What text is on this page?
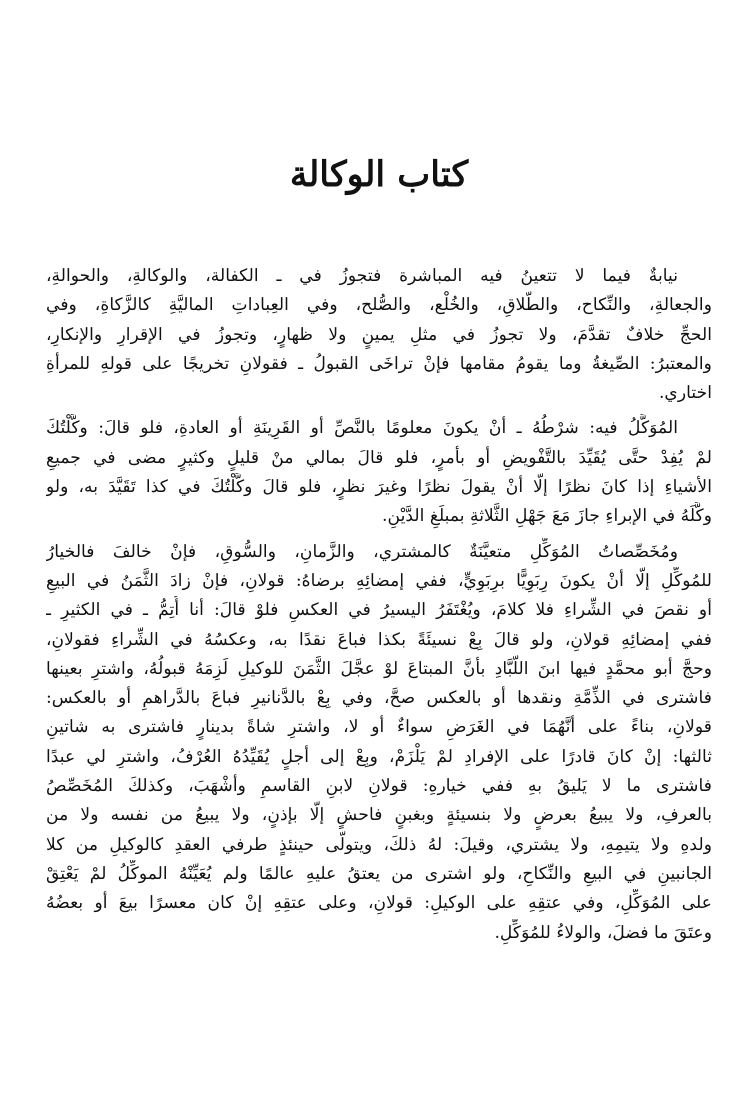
كتاب الوكالة

نيابةٌ فيما لا تتعينُ فيه المباشرة فتجوزُ في ـ الكفالة، والوكالةِ، والحوالةِ،
والجعالةِ، والنِّكاح، والطَّلاقِ، والخُلْع، والصُّلح، وفي العِباداتِ الماليَّةِ كالزَّكاةِ، وفي
الحجِّ خلافٌ تقدَّمَ، ولا تجوزُ في مثلِ يمينٍ ولا ظهارٍ، وتجوزُ في الإقرارِ والإنكارِ،
والمعتبرُ: الصِّيغةُ وما يقومُ مقامها فإنْ تراخَى القبولُ ـ فقولانِ تخريجًا على قولهِ للمرأةِ
اختاري.

المُوَكَّلُ فيه: شرْطُهُ ـ أنْ يكونَ معلومًا بالنَّصِّ أو القَرِينَةِ أو العادةِ، فلو قالَ: وكَّلْتُكَ
لمْ يُفِدْ حتَّى يُقَيِّدَ بالتَّفْويضِ أو بأمرٍ، فلو قالَ بمالي منْ قليلٍ وكثيرٍ مضى في جميعِ
الأشياءِ إذا كانَ نظرًا إلَّا أنْ يقولَ نظرًا وغيرَ نظرٍ، فلو قالَ وكَّلْتُكَ في كذا تَقَيَّدَ به، ولو
وكَّلَهُ في الإبراءِ جازَ مَعَ جَهْلِ الثَّلاثةِ بمبلَغِ الدَّيْنِ.

ومُخَصِّصاتُ المُوَكِّلِ متعيَّنَةٌ كالمشتري، والزَّمانِ، والسُّوقِ، فإنْ خالفَ فالخيارُ
للمُوكِّلِ إلَّا أنْ يكونَ رِبَوِيًّا برِبَوِيٍّ، ففي إمضائِهِ برضاهُ: قولانِ، فإنْ زادَ الثَّمَنُ في البيعِ
أو نقصَ في الشِّراءِ فلا كلامَ، ويُغْتَفَرُ اليسيرُ في العكسِ فلوْ قالَ: أنا أُتِمُّ ـ في الكثيرِ ـ
ففي إمضائِهِ قولانِ، ولو قالَ بِعْ نسيئَةً بكذا فباعَ نقدًا به، وعكسُهُ في الشِّراءِ فقولانِ،
وحجَّ أبو محمَّدٍ فيها ابنَ اللَّبَّادِ بأنَّ المبتاعَ لوْ عجَّلَ الثَّمَنَ للوكيلِ لَزِمَهُ قبولُهُ، واشترِ بعينها
فاشترى في الذِّمَّةِ ونقدها أو بالعكس صحَّ، وفي بِعْ بالدَّنانيرِ فباعَ بالدَّراهمِ أو بالعكس:
قولانِ، بناءً على أنَّهُمَا في الغَرَضِ سواءٌ أو لا، واشترِ شاةً بدينارٍ فاشترى به شاتينِ
ثالثها: إنْ كانَ قادرًا على الإفرادِ لمْ يَلْزَمْ، وبِعْ إلى أجلٍ يُقَيِّدُهُ العُرْفُ، واشترِ لي عبدًا
فاشترى ما لا يَليقُ بهِ ففي خيارهِ: قولانِ لابنِ القاسمِ وأشْهَبَ، وكذلكَ المُخَصِّصُ
بالعرفِ، ولا يبيعُ بعرضٍ ولا بنسيئةٍ وبغبنٍ فاحشٍ إلَّا بإذنٍ، ولا يبيعُ من نفسه ولا من
ولدهِ ولا يتيمِهِ، ولا يشتري، وقيلَ: لهُ ذلكَ، ويتولَّى حينئذٍ طرفي العقدِ كالوكيلِ من كلا
الجانبينِ في البيعِ والنِّكاحِ، ولو اشترى من يعتقُ عليهِ عالمًا ولم يُعَيِّنْهُ الموكِّلُ لمْ يَعْتِقْ
على المُوَكِّلِ، وفي عتقِهِ على الوكيلِ: قولانِ، وعلى عتقِهِ إنْ كان معسرًا بيعَ أو بعضُهُ
وعتَقَ ما فضلَ، والولاءُ للمُوَكِّلِ.
